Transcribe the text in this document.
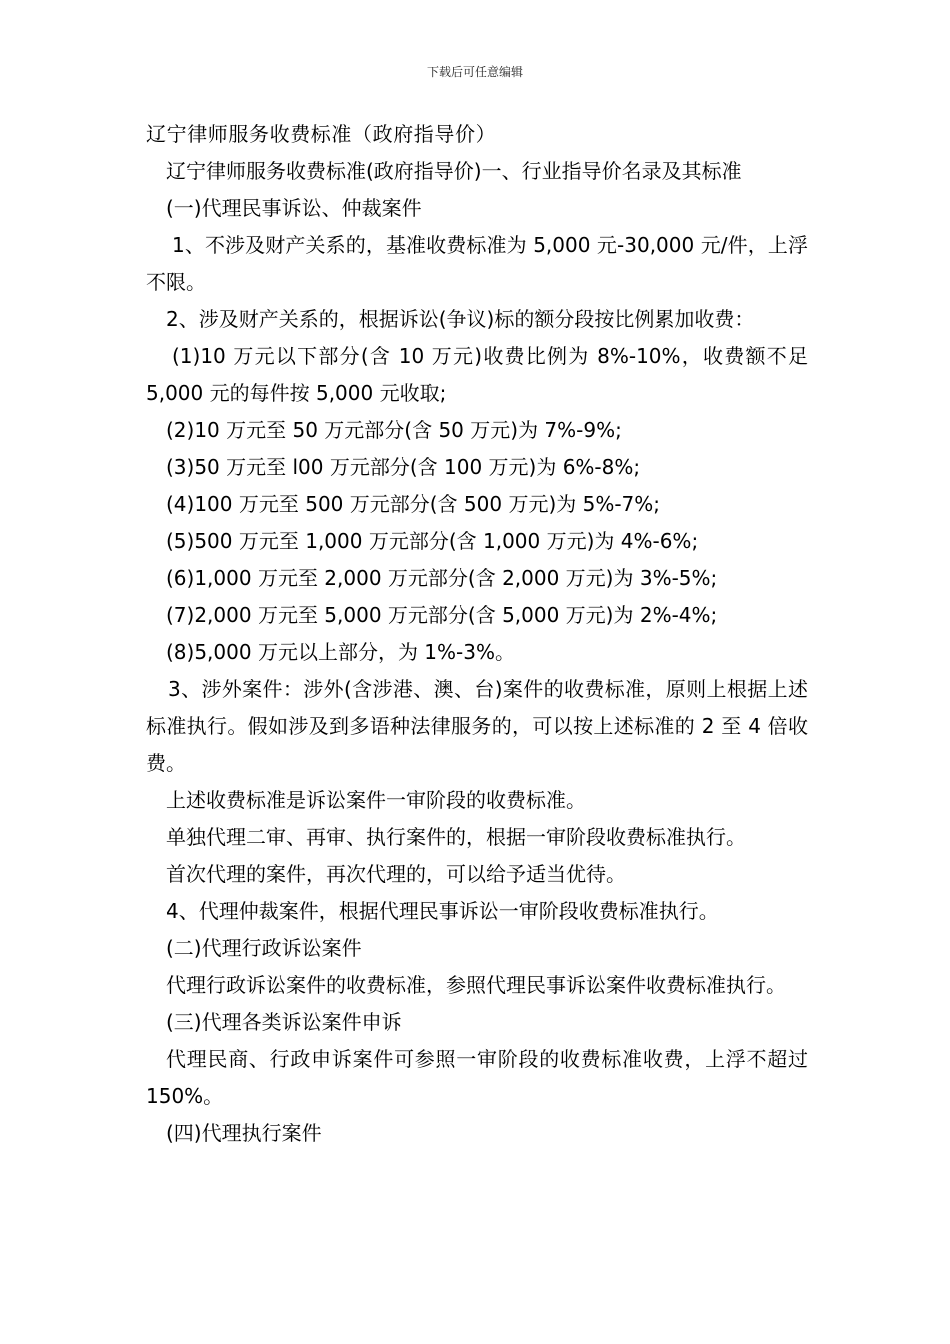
下载后可任意编辑

辽宁律师服务收费标准（政府指导价）

辽宁律师服务收费标准(政府指导价)一、行业指导价名录及其标准

(一)代理民事诉讼、仲裁案件

1、不涉及财产关系的，基准收费标准为 5,000 元-30,000 元/件，上浮不限。

2、涉及财产关系的，根据诉讼(争议)标的额分段按比例累加收费：

(1)10 万元以下部分(含 10 万元)收费比例为 8%-10%，收费额不足 5,000 元的每件按 5,000 元收取;

(2)10 万元至 50 万元部分(含 50 万元)为 7%-9%;

(3)50 万元至 l00 万元部分(含 100 万元)为 6%-8%;

(4)100 万元至 500 万元部分(含 500 万元)为 5%-7%;

(5)500 万元至 1,000 万元部分(含 1,000 万元)为 4%-6%;

(6)1,000 万元至 2,000 万元部分(含 2,000 万元)为 3%-5%;

(7)2,000 万元至 5,000 万元部分(含 5,000 万元)为 2%-4%;

(8)5,000 万元以上部分，为 1%-3%。

3、涉外案件：涉外(含涉港、澳、台)案件的收费标准，原则上根据上述标准执行。假如涉及到多语种法律服务的，可以按上述标准的 2 至 4 倍收费。

上述收费标准是诉讼案件一审阶段的收费标准。

单独代理二审、再审、执行案件的，根据一审阶段收费标准执行。

首次代理的案件，再次代理的，可以给予适当优待。

4、代理仲裁案件，根据代理民事诉讼一审阶段收费标准执行。

(二)代理行政诉讼案件

代理行政诉讼案件的收费标准，参照代理民事诉讼案件收费标准执行。

(三)代理各类诉讼案件申诉

代理民商、行政申诉案件可参照一审阶段的收费标准收费，上浮不超过 150%。

(四)代理执行案件
